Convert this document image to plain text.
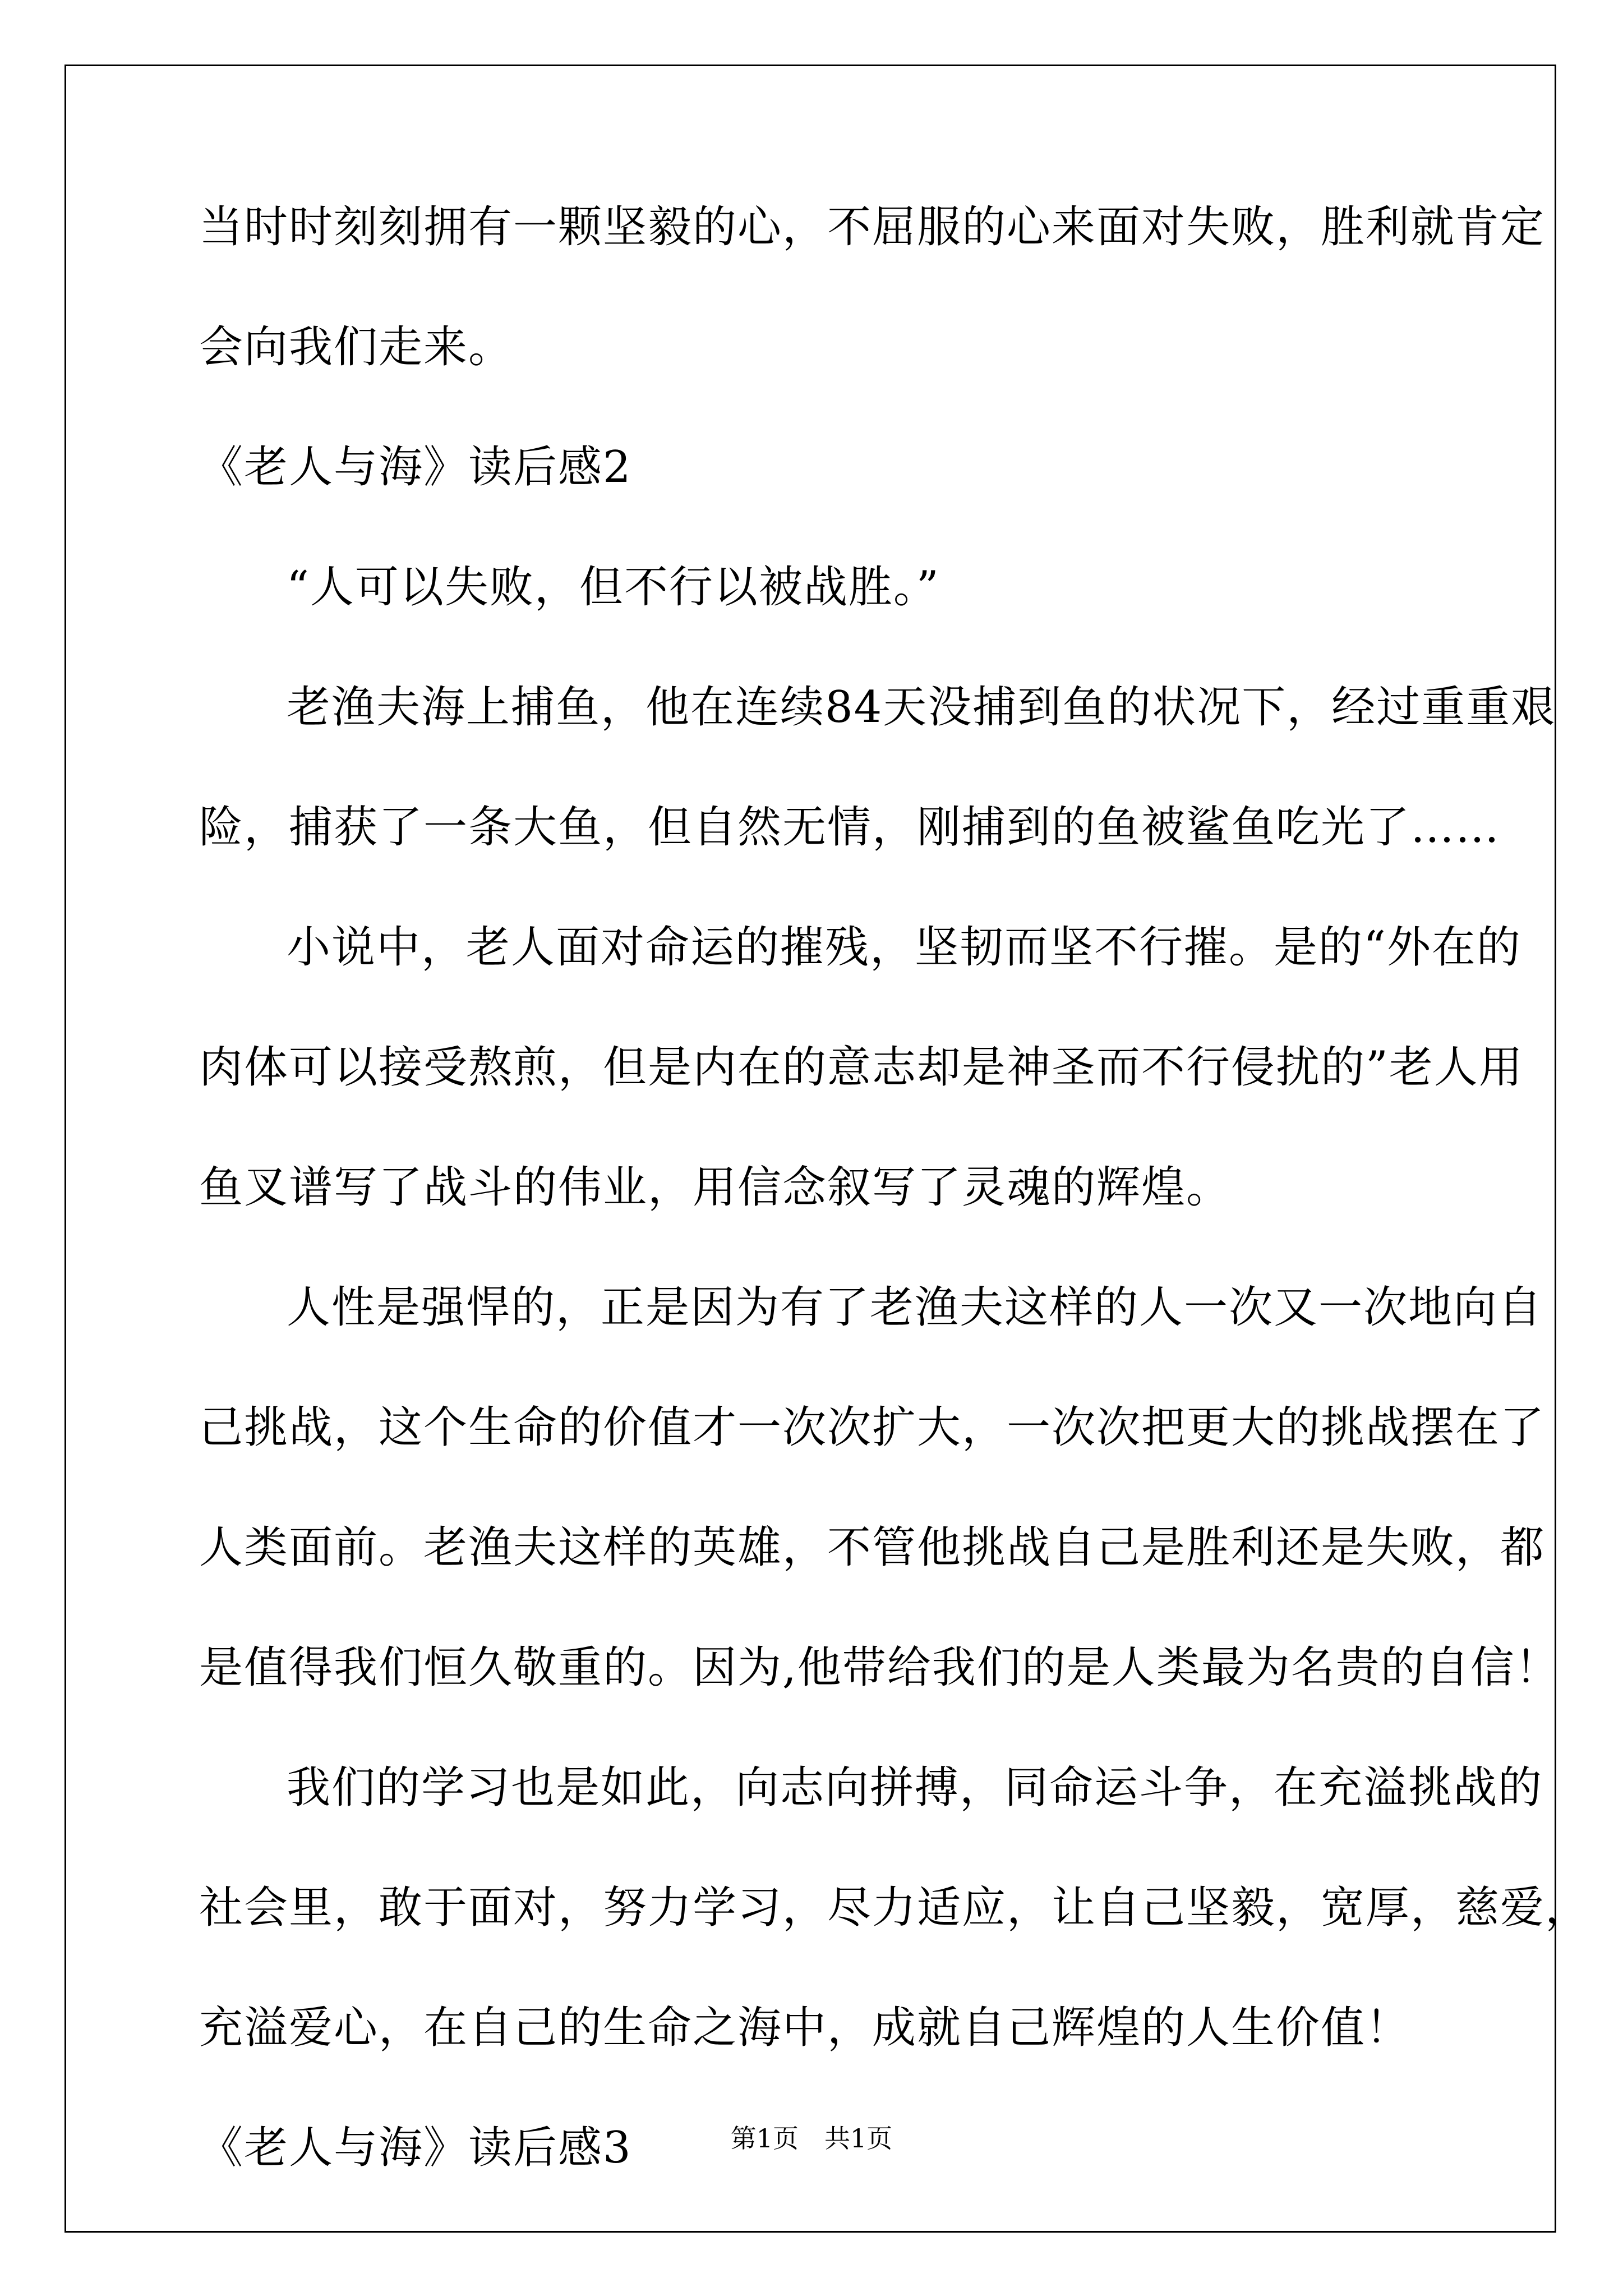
当时时刻刻拥有一颗坚毅的心，不屈服的心来面对失败，胜利就肯定
会向我们走来。
《老人与海》读后感2
“人可以失败，但不行以被战胜。”
老渔夫海上捕鱼，他在连续84天没捕到鱼的状况下，经过重重艰
险，捕获了一条大鱼，但自然无情，刚捕到的鱼被鲨鱼吃光了……
小说中，老人面对命运的摧残，坚韧而坚不行摧。是的“外在的
肉体可以接受熬煎，但是内在的意志却是神圣而不行侵扰的”老人用
鱼叉谱写了战斗的伟业，用信念叙写了灵魂的辉煌。
人性是强悍的，正是因为有了老渔夫这样的人一次又一次地向自
己挑战，这个生命的价值才一次次扩大，一次次把更大的挑战摆在了
人类面前。老渔夫这样的英雄，不管他挑战自己是胜利还是失败，都
是值得我们恒久敬重的。因为,他带给我们的是人类最为名贵的自信！
我们的学习也是如此，向志向拼搏，同命运斗争，在充溢挑战的
社会里，敢于面对，努力学习，尽力适应，让自己坚毅，宽厚，慈爱，
充溢爱心，在自己的生命之海中，成就自己辉煌的人生价值！
《老人与海》读后感3	第1页　共1页
